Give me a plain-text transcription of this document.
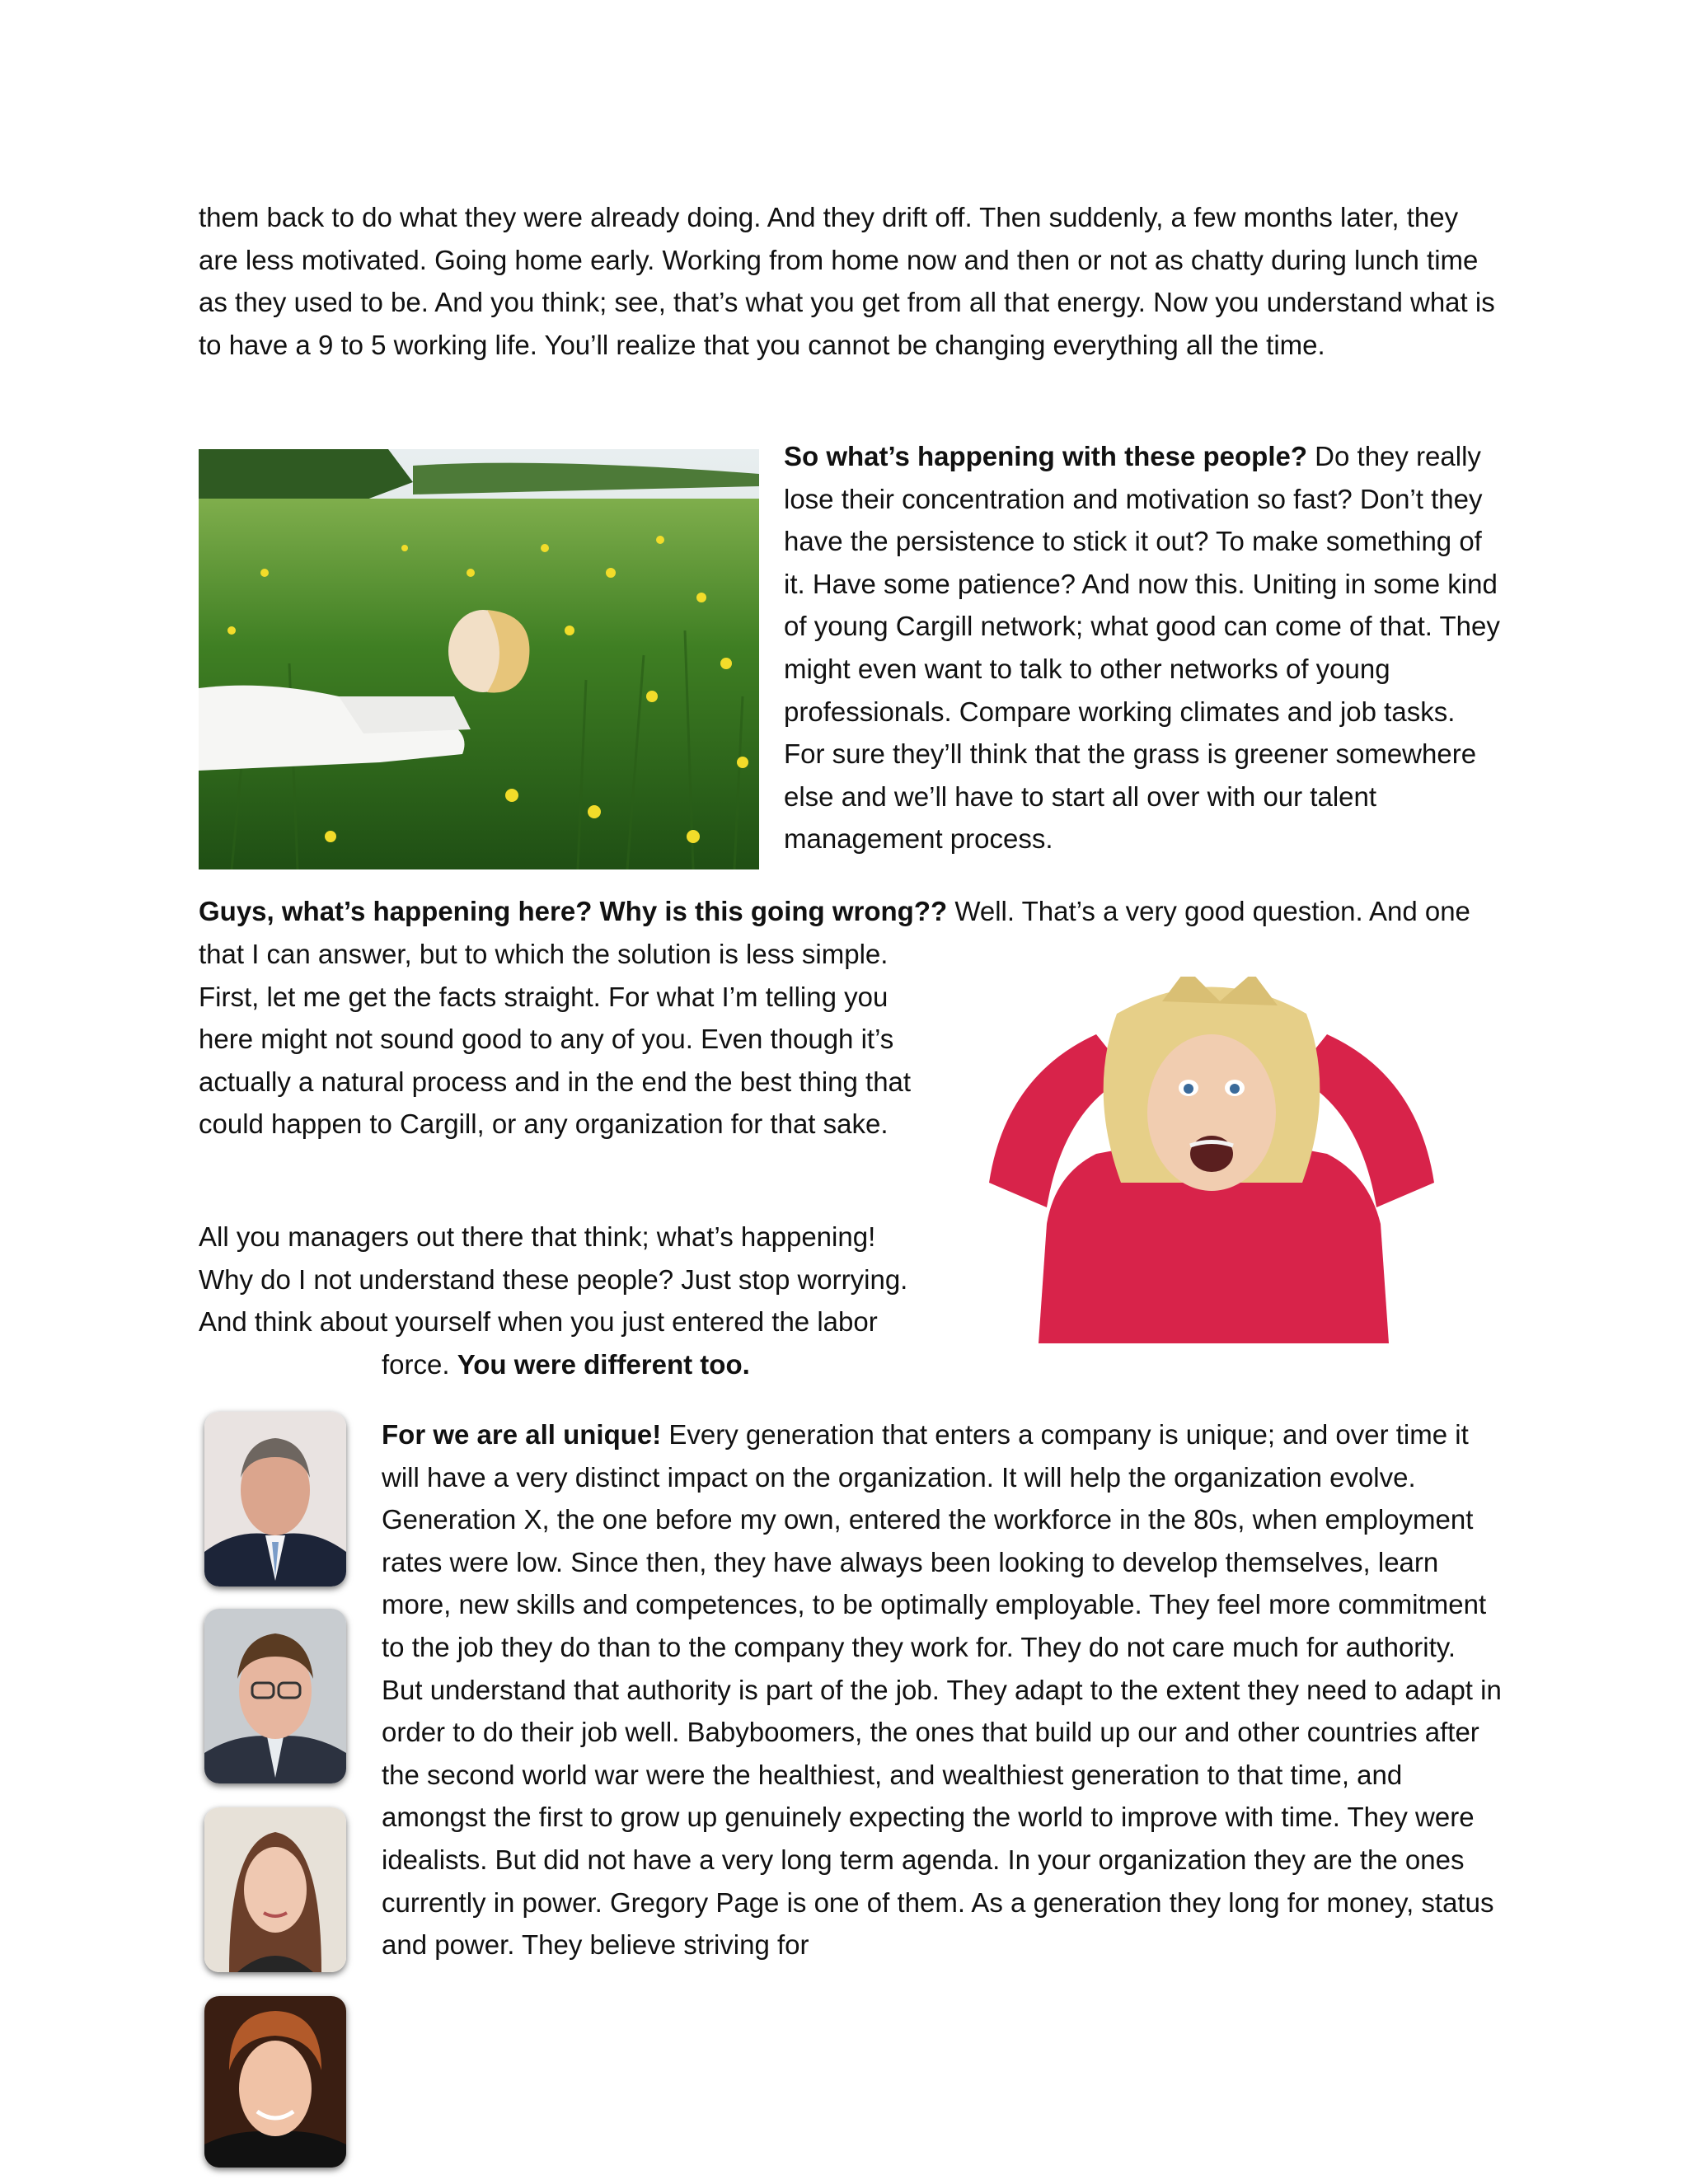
them back to do what they were already doing. And they drift off. Then suddenly, a few months later, they are less motivated. Going home early. Working from home now and then or not as chatty during lunch time as they used to be. And you think; see, that’s what you get from all that energy. Now you understand what is to have a 9 to 5 working life. You’ll realize that you cannot be changing everything all the time.
So what’s happening with these people? Do they really lose their concentration and motivation so fast? Don’t they have the persistence to stick it out? To make something of it. Have some patience? And now this. Uniting in some kind of young Cargill network; what good can come of that. They might even want to talk to other networks of young professionals. Compare working climates and job tasks. For sure they’ll think that the grass is greener somewhere else and we’ll have to start all over with our talent management process.
Guys, what’s happening here? Why is this going wrong?? Well. That’s a very good question. And one
that I can answer, but to which the solution is less simple. First, let me get the facts straight. For what I’m telling you here might not sound good to any of you. Even though it’s actually a natural process and in the end the best thing that could happen to Cargill, or any organization for that sake.
All you managers out there that think; what’s happening! Why do I not understand these people? Just stop worrying. And think about yourself when you just entered the labor
force. You were different too.
For we are all unique! Every generation that enters a company is unique; and over time it will have a very distinct impact on the organization. It will help the organization evolve. Generation X, the one before my own, entered the workforce in the 80s, when employment rates were low. Since then, they have always been looking to develop themselves, learn more, new skills and competences, to be optimally employable. They feel more commitment to the job they do than to the company they work for. They do not care much for authority. But understand that authority is part of the job. They adapt to the extent they need to adapt in order to do their job well. Babyboomers, the ones that build up our and other countries after the second world war were the healthiest, and wealthiest generation to that time, and amongst the first to grow up genuinely expecting the world to improve with time. They were idealists. But did not have a very long term agenda. In your organization they are the ones currently in power. Gregory Page is one of them. As a generation they long for money, status and power. They believe striving for
